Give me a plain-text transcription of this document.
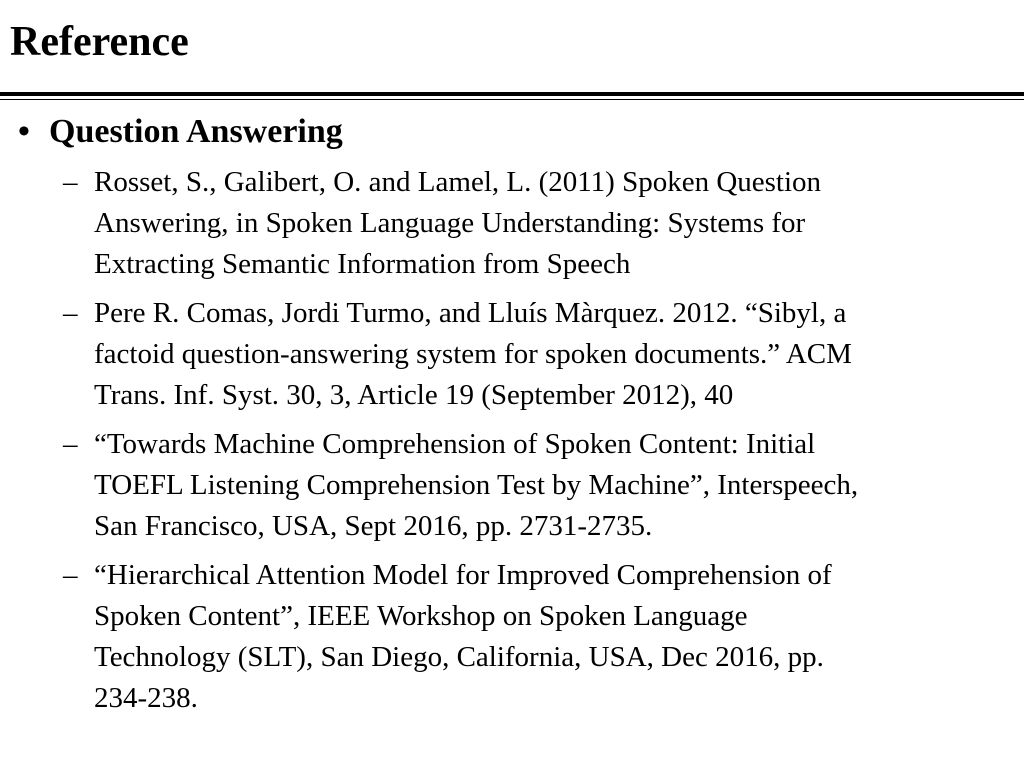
Reference
• Question Answering
– Rosset, S., Galibert, O. and Lamel, L. (2011) Spoken Question
Answering, in Spoken Language Understanding: Systems for
Extracting Semantic Information from Speech
– Pere R. Comas, Jordi Turmo, and Lluís Màrquez. 2012. “Sibyl, a
factoid question-answering system for spoken documents.” ACM
Trans. Inf. Syst. 30, 3, Article 19 (September 2012), 40
– “Towards Machine Comprehension of Spoken Content: Initial
TOEFL Listening Comprehension Test by Machine”, Interspeech,
San Francisco, USA, Sept 2016, pp. 2731-2735.
– “Hierarchical Attention Model for Improved Comprehension of
Spoken Content”, IEEE Workshop on Spoken Language
Technology (SLT), San Diego, California, USA, Dec 2016, pp.
234-238.
